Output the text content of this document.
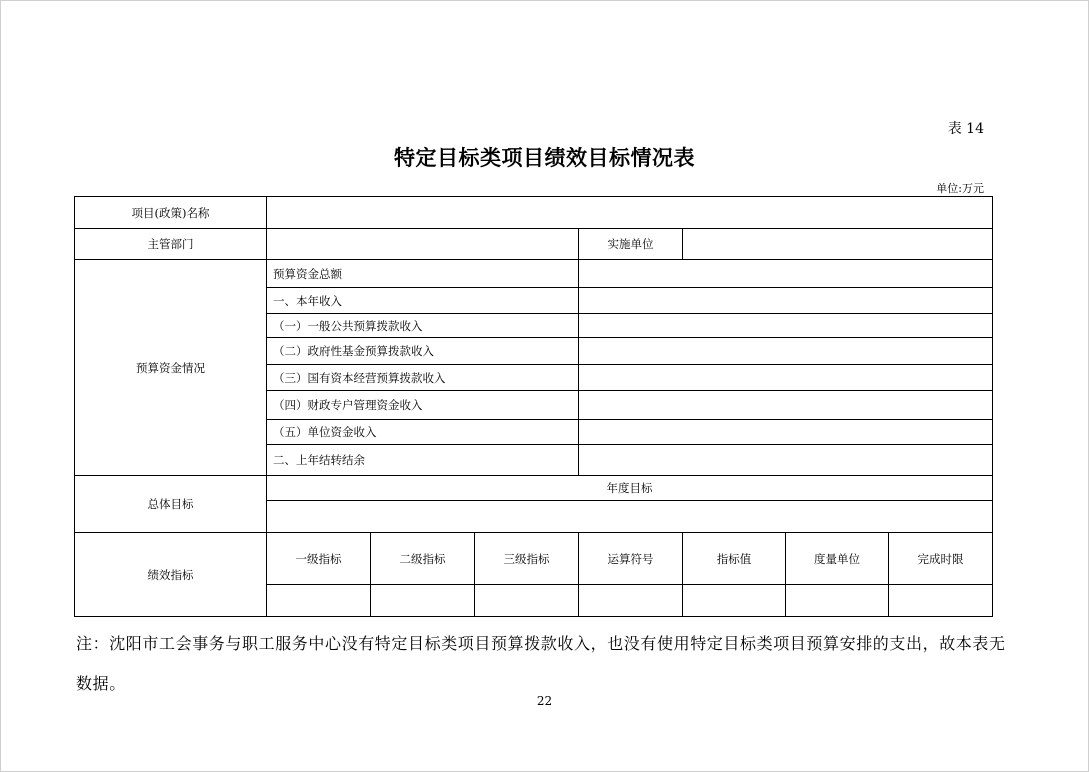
表 14
特定目标类项目绩效目标情况表
单位:万元
项目(政策)名称							
主管部门				实施单位			
预算资金情况	预算资金总额						
	一、本年收入						
	（一）一般公共预算拨款收入						
	（二）政府性基金预算拨款收入						
	（三）国有资本经营预算拨款收入						
	（四）财政专户管理资金收入						
	（五）单位资金收入						
	二、上年结转结余						
总体目标	年度目标						

绩效指标	一级指标	二级指标	三级指标	运算符号	指标值	度量单位	完成时限

注：沈阳市工会事务与职工服务中心没有特定目标类项目预算拨款收入，也没有使用特定目标类项目预算安排的支出，故本表无数据。
22
